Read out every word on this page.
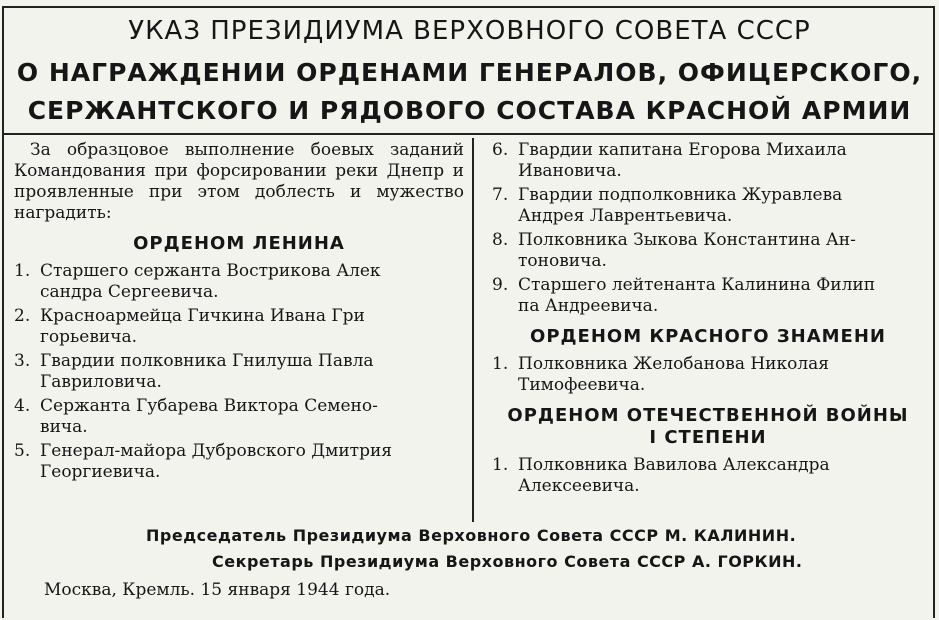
УКАЗ ПРЕЗИДИУМА ВЕРХОВНОГО СОВЕТА СССР
О НАГРАЖДЕНИИ ОРДЕНАМИ ГЕНЕРАЛОВ, ОФИЦЕРСКОГО,
СЕРЖАНТСКОГО И РЯДОВОГО СОСТАВА КРАСНОЙ АРМИИ

За образцовое выполнение боевых заданий Командования при форсировании реки Днепр и проявленные при этом доблесть и мужество наградить:

ОРДЕНОМ ЛЕНИНА
1. Старшего сержанта Вострикова Алек
сандра Сергеевича.
2. Красноармейца Гичкина Ивана Гри
горьевича.
3. Гвардии полковника Гнилуша Павла
Гавриловича.
4. Сержанта Губарева Виктора Семено-
вича.
5. Генерал-майора Дубровского Дмитрия
Георгиевича.
6. Гвардии капитана Егорова Михаила
Ивановича.
7. Гвардии подполковника Журавлева
Андрея Лаврентьевича.
8. Полковника Зыкова Константина Ан-
тоновича.
9. Старшего лейтенанта Калинина Филип
па Андреевича.
ОРДЕНОМ КРАСНОГО ЗНАМЕНИ
1. Полковника Желобанова Николая
Тимофеевича.
ОРДЕНОМ ОТЕЧЕСТВЕННОЙ ВОЙНЫ
I СТЕПЕНИ
1. Полковника Вавилова Александра
Алексеевича.
Председатель Президиума Верховного Совета СССР М. КАЛИНИН.
Секретарь Президиума Верховного Совета СССР А. ГОРКИН.
Москва, Кремль. 15 января 1944 года.
